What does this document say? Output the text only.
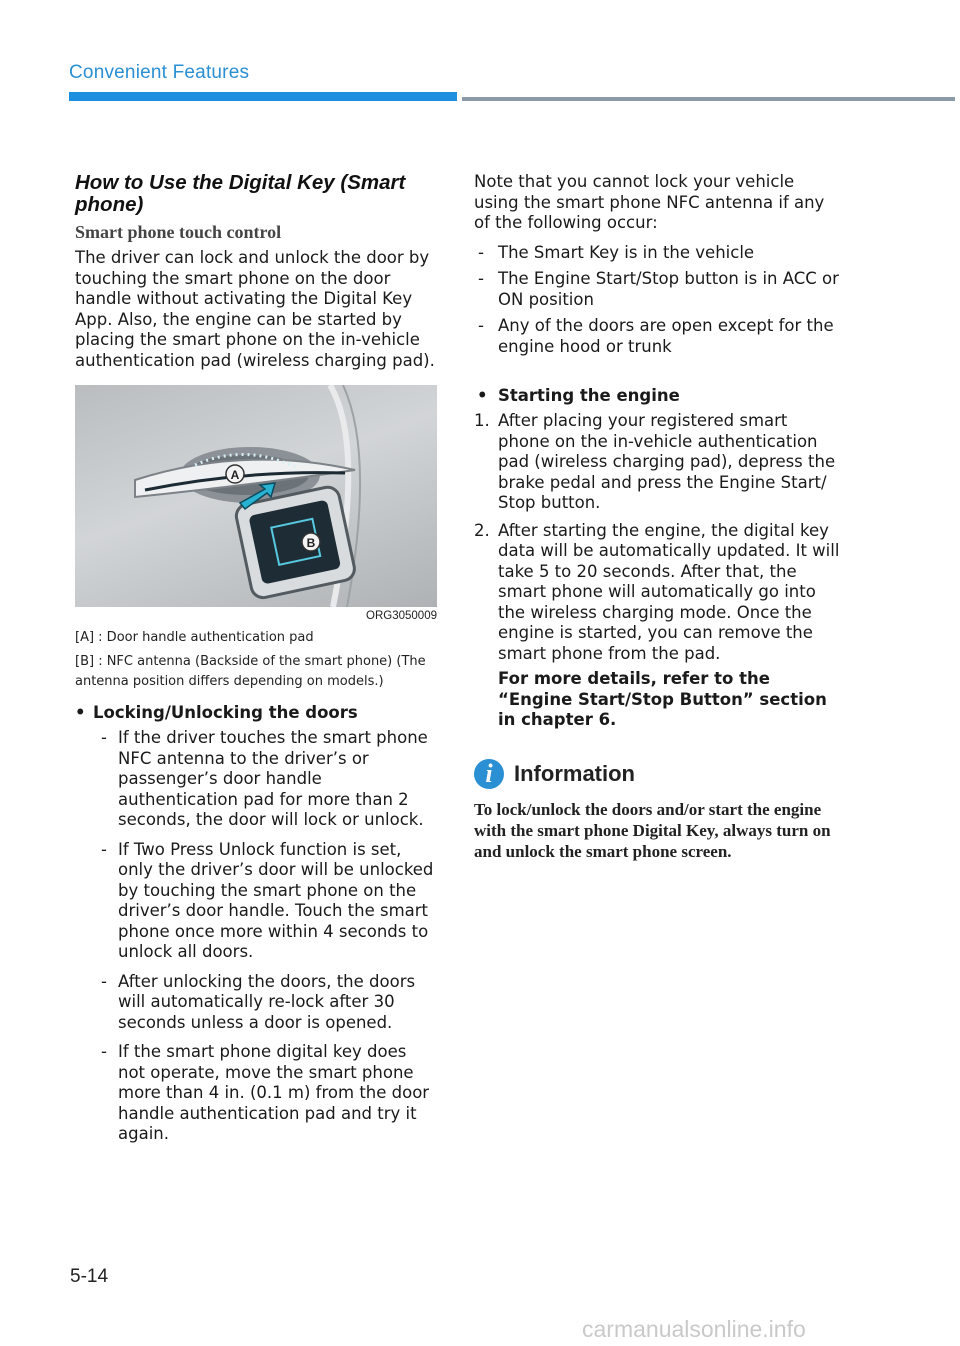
Convenient Features
How to Use the Digital Key (Smart phone)
Smart phone touch control

The driver can lock and unlock the door by touching the smart phone on the door handle without activating the Digital Key App. Also, the engine can be started by placing the smart phone on the in-vehicle authentication pad (wireless charging pad).

A
B
ORG3050009

[A] : Door handle authentication pad

[B] : NFC antenna (Backside of the smart phone) (The antenna position differs depending on models.)

• Locking/Unlocking the doors
- If the driver touches the smart phone NFC antenna to the driver’s or passenger’s door handle authentication pad for more than 2 seconds, the door will lock or unlock.
- If Two Press Unlock function is set, only the driver’s door will be unlocked by touching the smart phone on the driver’s door handle. Touch the smart phone once more within 4 seconds to unlock all doors.
- After unlocking the doors, the doors will automatically re-lock after 30 seconds unless a door is opened.
- If the smart phone digital key does not operate, move the smart phone more than 4 in. (0.1 m) from the door handle authentication pad and try it again.

Note that you cannot lock your vehicle using the smart phone NFC antenna if any of the following occur:

- The Smart Key is in the vehicle
- The Engine Start/Stop button is in ACC or ON position
- Any of the doors are open except for the engine hood or trunk
• Starting the engine
1. After placing your registered smart phone on the in-vehicle authentication pad (wireless charging pad), depress the brake pedal and press the Engine Start/ Stop button.
2. After starting the engine, the digital key data will be automatically updated. It will take 5 to 20 seconds. After that, the smart phone will automatically go into the wireless charging mode. Once the engine is started, you can remove the smart phone from the pad.
For more details, refer to the “Engine Start/Stop Button” section in chapter 6.
i Information

To lock/unlock the doors and/or start the engine with the smart phone Digital Key, always turn on and unlock the smart phone screen.

5-14
carmanualsonline.info
